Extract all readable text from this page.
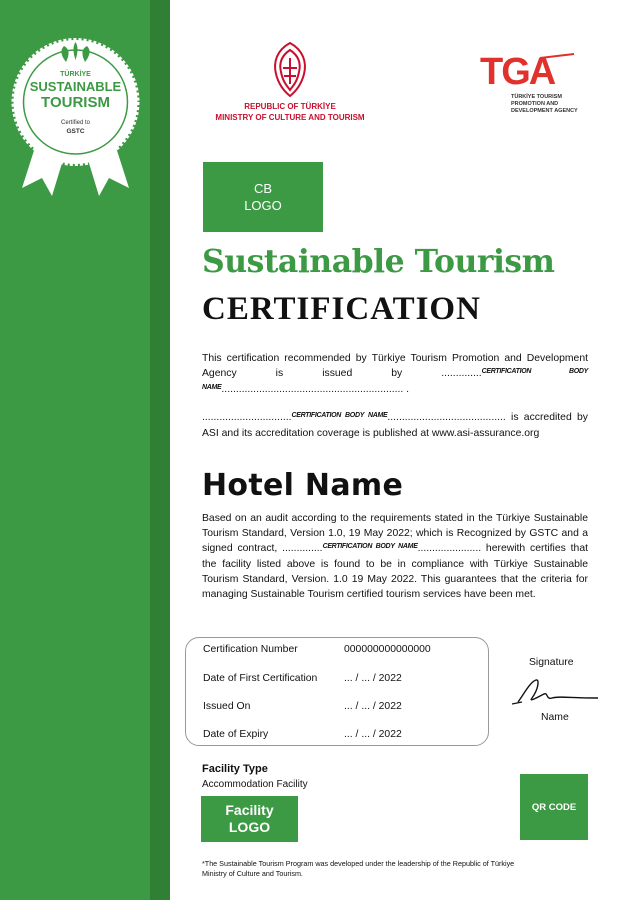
TÜRKİYE
SUSTAINABLE
TOURISM
Certified to
GSTC
REPUBLIC OF TÜRKİYE
MINISTRY OF CULTURE AND TOURISM
TGA
TÜRKİYE TOURISM
PROMOTION AND
DEVELOPMENT AGENCY
CB
LOGO
Sustainable Tourism
CERTIFICATION
This certification recommended by Türkiye Tourism Promotion and Development Agency is issued by ..............$^{CERTIFICATION BODY NAME}$............................................................... .
...............................$^{CERTIFICATION BODY NAME}$......................................... is accredited by ASI and its accreditation coverage is published at www.asi-assurance.org
Hotel Name
Based on an audit according to the requirements stated in the Türkiye Sustainable Tourism Standard, Version 1.0, 19 May 2022; which is Recognized by GSTC and a signed contract, ..............$^{CERTIFICATION BODY NAME}$...................... herewith certifies that the facility listed above is found to be in compliance with Türkiye Sustainable Tourism Standard, Version. 1.0 19 May 2022. This guarantees that the criteria for managing Sustainable Tourism certified tourism services have been met.
Certification Number	000000000000000
Date of First Certification	... / ... / 2022
Issued On	... / ... / 2022
Date of Expiry	... / ... / 2022
Signature
Name
Facility Type
Accommodation Facility
Facility
LOGO
QR CODE
*The Sustainable Tourism Program was developed under the leadership of the Republic of Türkiye Ministry of Culture and Tourism.
